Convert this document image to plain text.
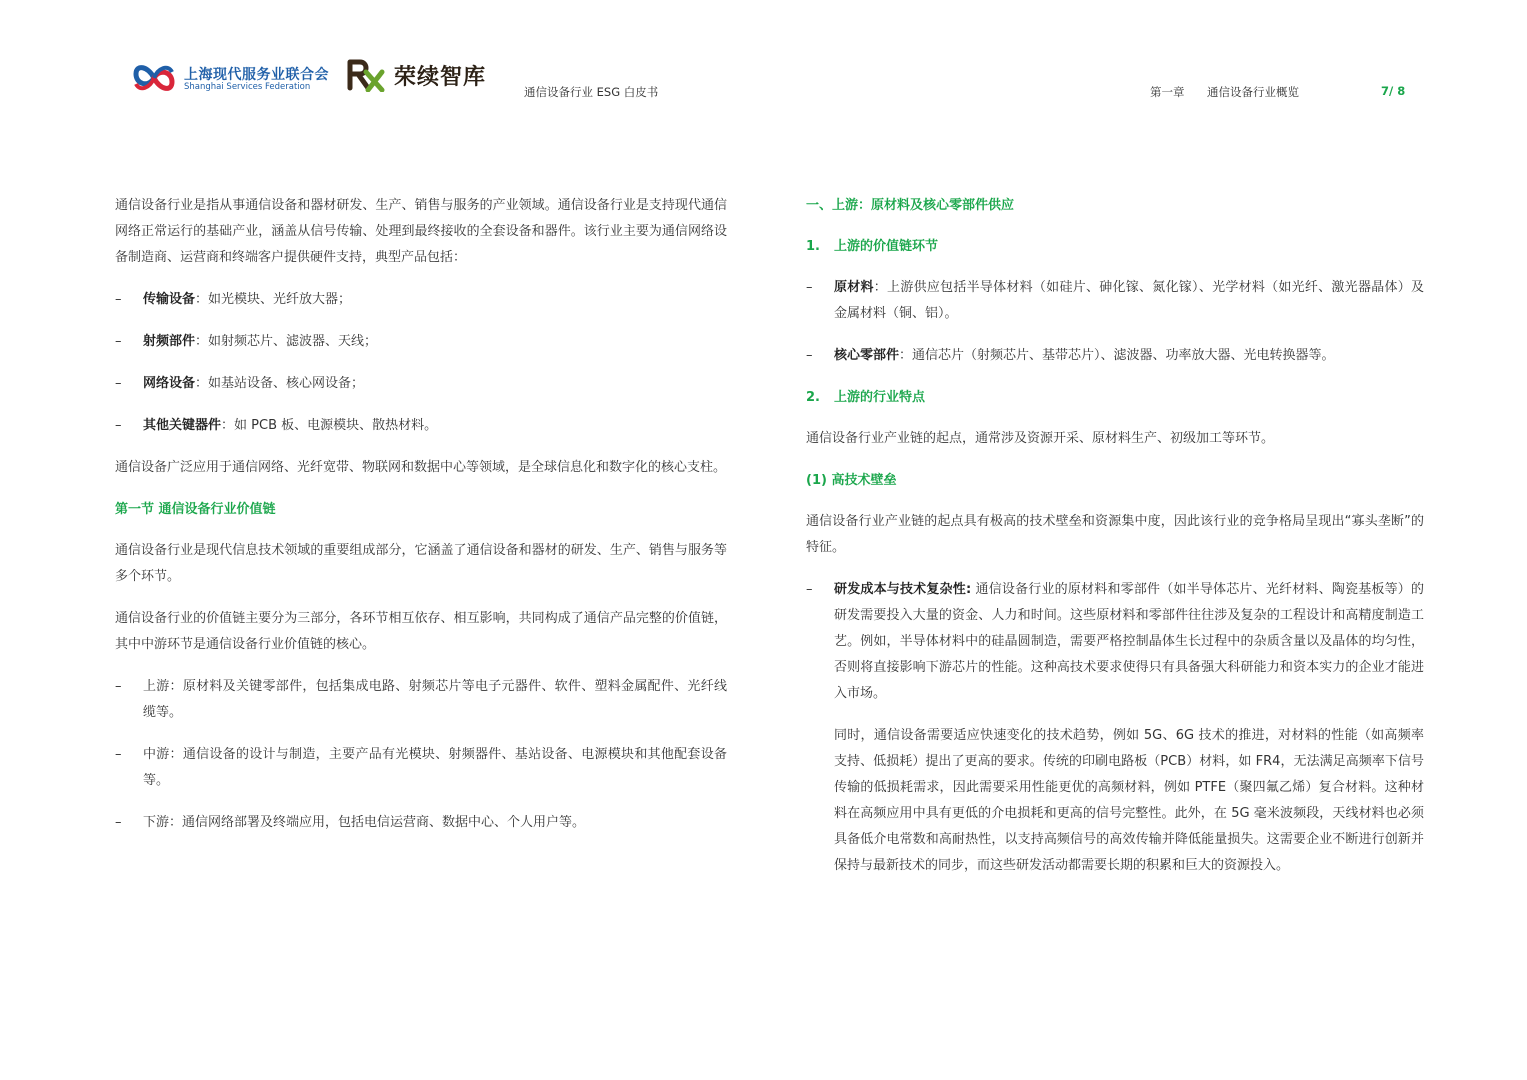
上海现代服务业联合会
Shanghai Services Federation	荣续智库
通信设备行业 ESG 白皮书	第一章 通信设备行业概览	7/ 8

通信设备行业是指从事通信设备和器材研发、生产、销售与服务的产业领域。通信设备行业是支持现代通信网络正常运行的基础产业，涵盖从信号传输、处理到最终接收的全套设备和器件。该行业主要为通信网络设备制造商、运营商和终端客户提供硬件支持，典型产品包括：

– 传输设备：如光模块、光纤放大器；
– 射频部件：如射频芯片、滤波器、天线；
– 网络设备：如基站设备、核心网设备；
– 其他关键器件：如 PCB 板、电源模块、散热材料。

通信设备广泛应用于通信网络、光纤宽带、物联网和数据中心等领域，是全球信息化和数字化的核心支柱。

第一节 通信设备行业价值链

通信设备行业是现代信息技术领域的重要组成部分，它涵盖了通信设备和器材的研发、生产、销售与服务等多个环节。

通信设备行业的价值链主要分为三部分，各环节相互依存、相互影响，共同构成了通信产品完整的价值链，其中中游环节是通信设备行业价值链的核心。

– 上游：原材料及关键零部件，包括集成电路、射频芯片等电子元器件、软件、塑料金属配件、光纤线缆等。
– 中游：通信设备的设计与制造，主要产品有光模块、射频器件、基站设备、电源模块和其他配套设备等。
– 下游：通信网络部署及终端应用，包括电信运营商、数据中心、个人用户等。
一、上游：原材料及核心零部件供应
1. 上游的价值链环节
– 原材料：上游供应包括半导体材料（如硅片、砷化镓、氮化镓）、光学材料（如光纤、激光器晶体）及金属材料（铜、铝）。
– 核心零部件：通信芯片（射频芯片、基带芯片）、滤波器、功率放大器、光电转换器等。
2. 上游的行业特点

通信设备行业产业链的起点，通常涉及资源开采、原材料生产、初级加工等环节。

(1) 高技术壁垒

通信设备行业产业链的起点具有极高的技术壁垒和资源集中度，因此该行业的竞争格局呈现出“寡头垄断”的特征。

– 研发成本与技术复杂性: 通信设备行业的原材料和零部件（如半导体芯片、光纤材料、陶瓷基板等）的研发需要投入大量的资金、人力和时间。这些原材料和零部件往往涉及复杂的工程设计和高精度制造工艺。例如，半导体材料中的硅晶圆制造，需要严格控制晶体生长过程中的杂质含量以及晶体的均匀性，否则将直接影响下游芯片的性能。这种高技术要求使得只有具备强大科研能力和资本实力的企业才能进入市场。

同时，通信设备需要适应快速变化的技术趋势，例如 5G、6G 技术的推进，对材料的性能（如高频率支持、低损耗）提出了更高的要求。传统的印刷电路板（PCB）材料，如 FR4，无法满足高频率下信号传输的低损耗需求，因此需要采用性能更优的高频材料，例如 PTFE（聚四氟乙烯）复合材料。这种材料在高频应用中具有更低的介电损耗和更高的信号完整性。此外，在 5G 毫米波频段，天线材料也必须具备低介电常数和高耐热性，以支持高频信号的高效传输并降低能量损失。这需要企业不断进行创新并保持与最新技术的同步，而这些研发活动都需要长期的积累和巨大的资源投入。
